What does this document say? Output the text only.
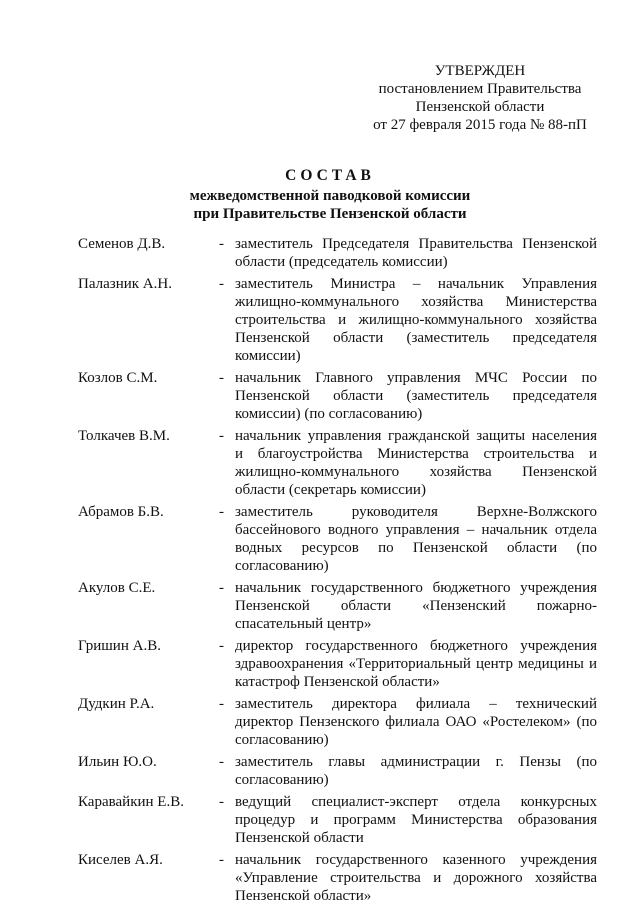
УТВЕРЖДЕН
постановлением Правительства
Пензенской области
от 27 февраля 2015 года № 88-пП
СОСТАВ
межведомственной паводковой комиссии
при Правительстве Пензенской области
Семенов Д.В.	- заместитель Председателя Правительства Пензенской области (председатель комиссии)
Палазник А.Н.	- заместитель Министра – начальник Управления жилищно-коммунального хозяйства Министерства строительства и жилищно-коммунального хозяйства Пензенской области (заместитель председателя комиссии)
Козлов С.М.	- начальник Главного управления МЧС России по Пензенской области (заместитель председателя комиссии) (по согласованию)
Толкачев В.М.	- начальник управления гражданской защиты населения и благоустройства Министерства строительства и жилищно-коммунального хозяйства Пензенской области (секретарь комиссии)
Абрамов Б.В.	- заместитель руководителя Верхне-Волжского бассейнового водного управления – начальник отдела водных ресурсов по Пензенской области (по согласованию)
Акулов С.Е.	- начальник государственного бюджетного учреждения Пензенской области «Пензенский пожарно-спасательный центр»
Гришин А.В.	- директор государственного бюджетного учреждения здравоохранения «Территориальный центр медицины и катастроф Пензенской области»
Дудкин Р.А.	- заместитель директора филиала – технический директор Пензенского филиала ОАО «Ростелеком» (по согласованию)
Ильин Ю.О.	- заместитель главы администрации г. Пензы (по согласованию)
Каравайкин Е.В. - ведущий специалист-эксперт отдела конкурсных процедур и программ Министерства образования Пензенской области
Киселев А.Я.	- начальник государственного казенного учреждения «Управление строительства и дорожного хозяйства Пензенской области»
